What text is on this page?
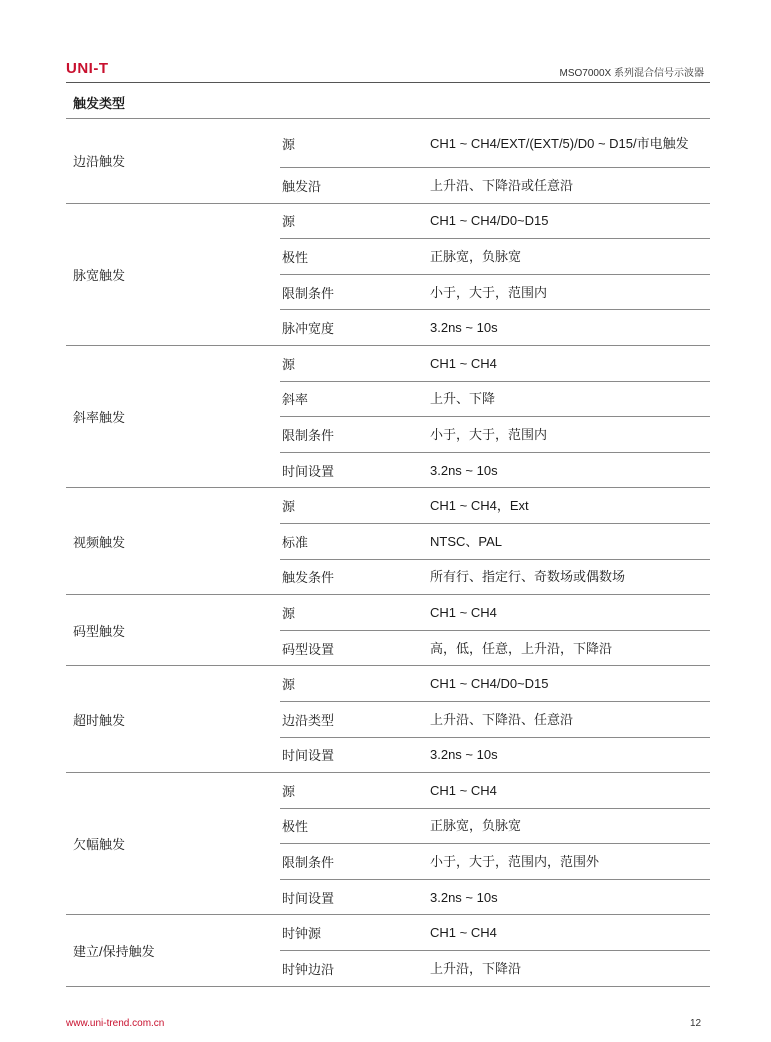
UNI-T	MSO7000X 系列混合信号示波器
触发类型
边沿触发	源	CH1 ~ CH4/EXT/(EXT/5)/D0 ~ D15/市电触发
	触发沿	上升沿、下降沿或任意沿
脉宽触发	源	CH1 ~ CH4/D0~D15
	极性	正脉宽，负脉宽
	限制条件	小于，大于，范围内
	脉冲宽度	3.2ns ~ 10s
斜率触发	源	CH1 ~ CH4
	斜率	上升、下降
	限制条件	小于，大于，范围内
	时间设置	3.2ns ~ 10s
视频触发	源	CH1 ~ CH4，Ext
	标准	NTSC、PAL
	触发条件	所有行、指定行、奇数场或偶数场
码型触发	源	CH1 ~ CH4
	码型设置	高，低，任意，上升沿，下降沿
超时触发	源	CH1 ~ CH4/D0~D15
	边沿类型	上升沿、下降沿、任意沿
	时间设置	3.2ns ~ 10s
欠幅触发	源	CH1 ~ CH4
	极性	正脉宽，负脉宽
	限制条件	小于，大于，范围内，范围外
	时间设置	3.2ns ~ 10s
建立/保持触发	时钟源	CH1 ~ CH4
	时钟边沿	上升沿，下降沿
www.uni-trend.com.cn	12
